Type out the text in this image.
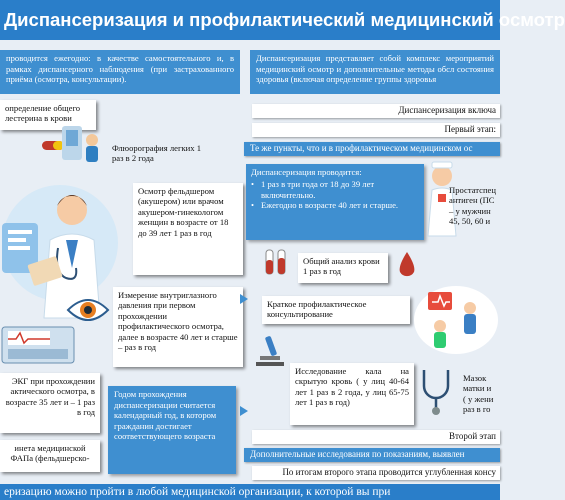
Диспансеризация и профилактический медицинский осмотр
проводится ежегодно: в качестве самостоятельного и, в рамках диспансерного наблюдения (при застрахованного приёма (осмотра, консультации).
Диспансеризация представляет собой комплекс мероприятий медицинский осмотр и дополнительные методы обсл состояния здоровья (включая определение группы здоровья
определение общего лестерина в крови
Флюорография легких 1 раз в 2 года
Осмотр фельдшером (акушером) или врачом акушером-гинекологом женщин в возрасте от 18 до 39 лет 1 раз в год
Измерение внутриглазного давления при первом прохождении профилактического осмотра, далее в возрасте 40 лет и старше – раз в год
ЭКГ при прохождении актического осмотра, в возрасте 35 лет и – 1 раз в год
инета медицинской ФАПа (фельдшерско-
Годом прохождения диспансеризации считается календарный год, в котором гражданин достигает соответствующего возраста
Диспансеризация включа
Первый этап:
Те же пункты, что и в профилактическом медицинском ос
Диспансеризация проводится:
• 1 раз в три года от 18 до 39 лет включительно.
• Ежегодно в возрасте 40 лет и старше.
Простатспец антиген (ПС – у мужчин 45, 50, 60 и
Общий анализ крови 1 раз в год
Краткое профилактическое консультирование
Исследование кала на скрытую кровь ( у лиц 40-64 лет 1 раз в 2 года, у лиц 65-75 лет 1 раз в год)
Мазок матки и ( у жени раз в го
Второй этап
Дополнительные исследования по показаниям, выявлен
По итогам второго этапа проводится углубленная консу
еризацию можно пройти в любой медицинской организации, к которой вы при
